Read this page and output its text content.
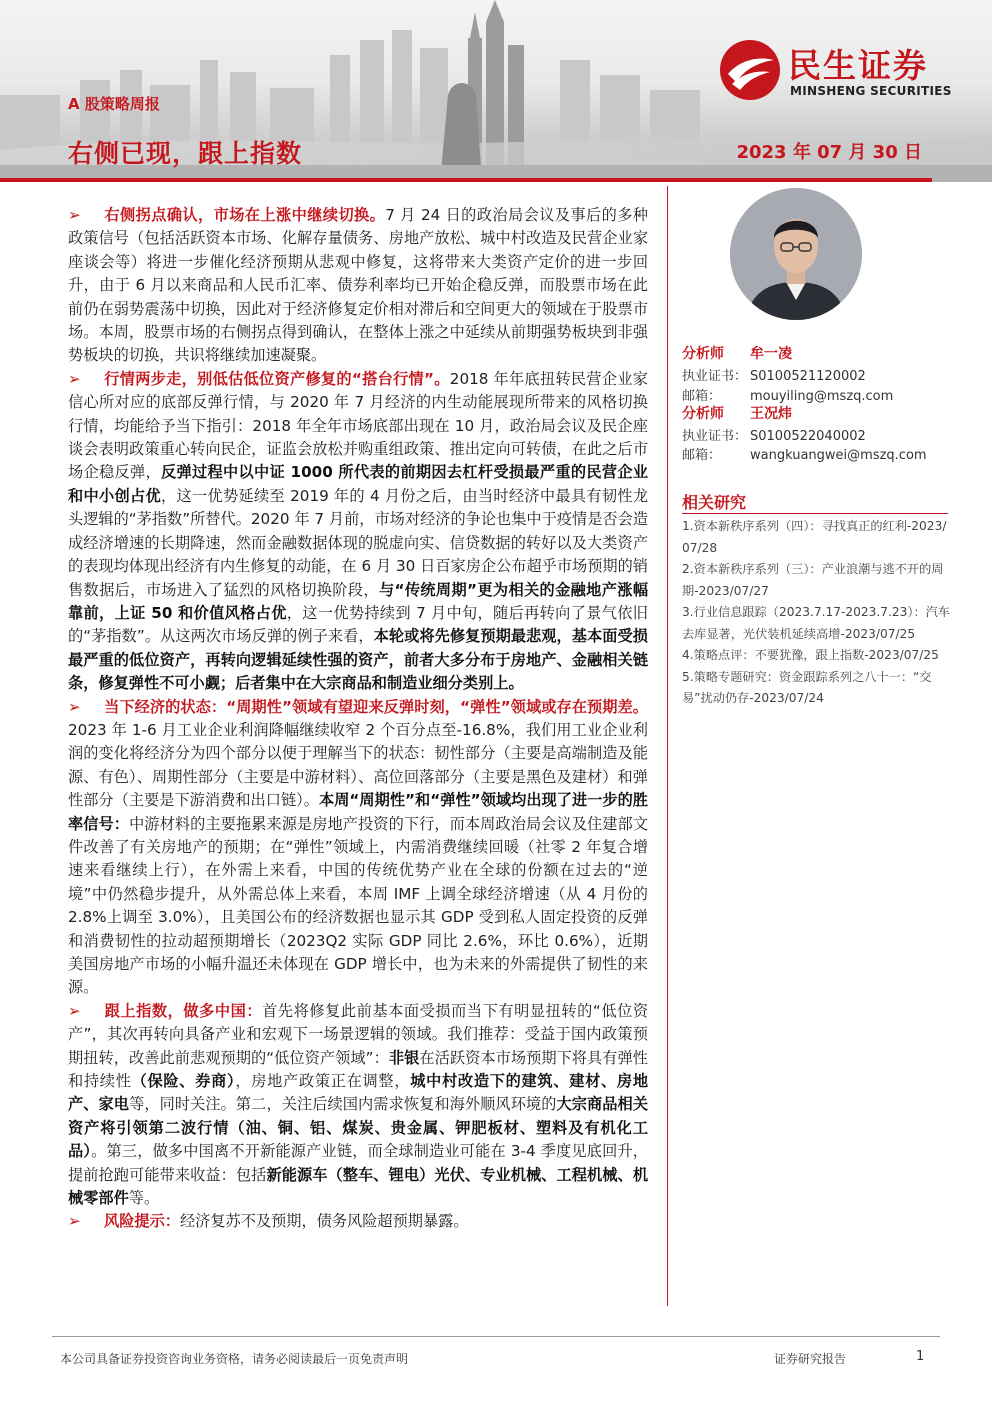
民生证券
MINSHENG SECURITIES
A 股策略周报
右侧已现，跟上指数	2023 年 07 月 30 日
➢ 右侧拐点确认，市场在上涨中继续切换。7 月 24 日的政治局会议及事后的多种政策信号（包括活跃资本市场、化解存量债务、房地产放松、城中村改造及民营企业家座谈会等）将进一步催化经济预期从悲观中修复，这将带来大类资产定价的进一步回升，由于 6 月以来商品和人民币汇率、债券利率均已开始企稳反弹，而股票市场在此前仍在弱势震荡中切换，因此对于经济修复定价相对滞后和空间更大的领域在于股票市场。本周，股票市场的右侧拐点得到确认，在整体上涨之中延续从前期强势板块到非强势板块的切换，共识将继续加速凝聚。
➢ 行情两步走，别低估低位资产修复的“搭台行情”。2018 年年底扭转民营企业家信心所对应的底部反弹行情，与 2020 年 7 月经济的内生动能展现所带来的风格切换行情，均能给予当下指引：2018 年全年市场底部出现在 10 月，政治局会议及民企座谈会表明政策重心转向民企，证监会放松并购重组政策、推出定向可转债，在此之后市场企稳反弹，反弹过程中以中证 1000 所代表的前期因去杠杆受损最严重的民营企业和中小创占优，这一优势延续至 2019 年的 4 月份之后，由当时经济中最具有韧性龙头逻辑的“茅指数”所替代。2020 年 7 月前，市场对经济的争论也集中于疫情是否会造成经济增速的长期降速，然而金融数据体现的脱虚向实、信贷数据的转好以及大类资产的表现均体现出经济有内生修复的动能，在 6 月 30 日百家房企公布超乎市场预期的销售数据后，市场进入了猛烈的风格切换阶段，与“传统周期”更为相关的金融地产涨幅靠前，上证 50 和价值风格占优，这一优势持续到 7 月中旬，随后再转向了景气依旧的“茅指数”。从这两次市场反弹的例子来看，本轮或将先修复预期最悲观，基本面受损最严重的低位资产，再转向逻辑延续性强的资产，前者大多分布于房地产、金融相关链条，修复弹性不可小觑；后者集中在大宗商品和制造业细分类别上。
➢ 当下经济的状态：“周期性”领域有望迎来反弹时刻，“弹性”领域或存在预期差。2023 年 1-6 月工业企业利润降幅继续收窄 2 个百分点至-16.8%，我们用工业企业利润的变化将经济分为四个部分以便于理解当下的状态：韧性部分（主要是高端制造及能源、有色）、周期性部分（主要是中游材料）、高位回落部分（主要是黑色及建材）和弹性部分（主要是下游消费和出口链）。本周“周期性”和“弹性”领域均出现了进一步的胜率信号：中游材料的主要拖累来源是房地产投资的下行，而本周政治局会议及住建部文件改善了有关房地产的预期；在“弹性”领域上，内需消费继续回暖（社零 2 年复合增速来看继续上行），在外需上来看，中国的传统优势产业在全球的份额在过去的“逆境”中仍然稳步提升，从外需总体上来看，本周 IMF 上调全球经济增速（从 4 月份的 2.8%上调至 3.0%），且美国公布的经济数据也显示其 GDP 受到私人固定投资的反弹和消费韧性的拉动超预期增长（2023Q2 实际 GDP 同比 2.6%，环比 0.6%），近期美国房地产市场的小幅升温还未体现在 GDP 增长中，也为未来的外需提供了韧性的来源。
➢ 跟上指数，做多中国：首先将修复此前基本面受损而当下有明显扭转的“低位资产”，其次再转向具备产业和宏观下一场景逻辑的领域。我们推荐：受益于国内政策预期扭转，改善此前悲观预期的“低位资产领域”：非银在活跃资本市场预期下将具有弹性和持续性（保险、券商），房地产政策正在调整，城中村改造下的建筑、建材、房地产、家电等，同时关注。第二，关注后续国内需求恢复和海外顺风环境的大宗商品相关资产将引领第二波行情（油、铜、铝、煤炭、贵金属、钾肥板材、塑料及有机化工品）。第三，做多中国离不开新能源产业链，而全球制造业可能在 3-4 季度见底回升，提前抢跑可能带来收益：包括新能源车（整车、锂电）光伏、专业机械、工程机械、机械零部件等。
➢ 风险提示：经济复苏不及预期，债务风险超预期暴露。
分析师 牟一凌
执业证书： S0100521120002
邮箱： mouyiling@mszq.com
分析师 王况炜
执业证书： S0100522040002
邮箱： wangkuangwei@mszq.com
相关研究
1.资本新秩序系列（四）：寻找真正的红利-2023/07/28
2.资本新秩序系列（三）：产业浪潮与逃不开的周期-2023/07/27
3.行业信息跟踪（2023.7.17-2023.7.23）：汽车去库显著，光伏装机延续高增-2023/07/25
4.策略点评：不要犹豫，跟上指数-2023/07/25
5.策略专题研究：资金跟踪系列之八十一：“交易”扰动仍存-2023/07/24
本公司具备证券投资咨询业务资格，请务必阅读最后一页免责声明	证券研究报告	1
